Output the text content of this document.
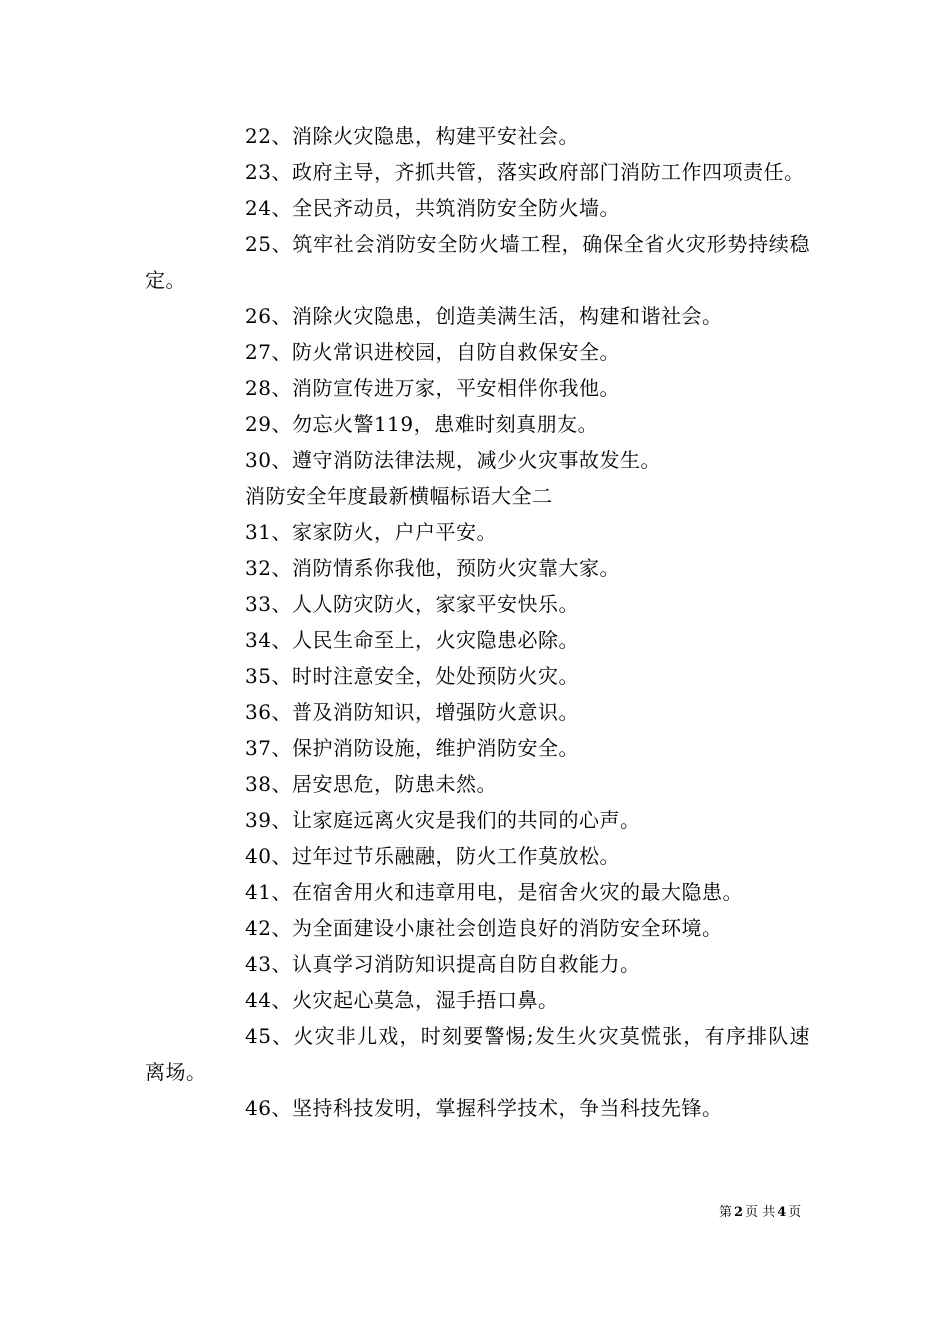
22、消除火灾隐患，构建平安社会。

23、政府主导，齐抓共管，落实政府部门消防工作四项责任。

24、全民齐动员，共筑消防安全防火墙。

25、筑牢社会消防安全防火墙工程，确保全省火灾形势持续稳定。

26、消除火灾隐患，创造美满生活，构建和谐社会。

27、防火常识进校园，自防自救保安全。

28、消防宣传进万家，平安相伴你我他。

29、勿忘火警119，患难时刻真朋友。

30、遵守消防法律法规，减少火灾事故发生。

消防安全年度最新横幅标语大全二

31、家家防火，户户平安。

32、消防情系你我他，预防火灾靠大家。

33、人人防灾防火，家家平安快乐。

34、人民生命至上，火灾隐患必除。

35、时时注意安全，处处预防火灾。

36、普及消防知识，增强防火意识。

37、保护消防设施，维护消防安全。

38、居安思危，防患未然。

39、让家庭远离火灾是我们的共同的心声。

40、过年过节乐融融，防火工作莫放松。

41、在宿舍用火和违章用电，是宿舍火灾的最大隐患。

42、为全面建设小康社会创造良好的消防安全环境。

43、认真学习消防知识提高自防自救能力。

44、火灾起心莫急，湿手捂口鼻。

45、火灾非儿戏，时刻要警惕;发生火灾莫慌张，有序排队速离场。

46、坚持科技发明，掌握科学技术，争当科技先锋。

第 2 页 共 4 页
